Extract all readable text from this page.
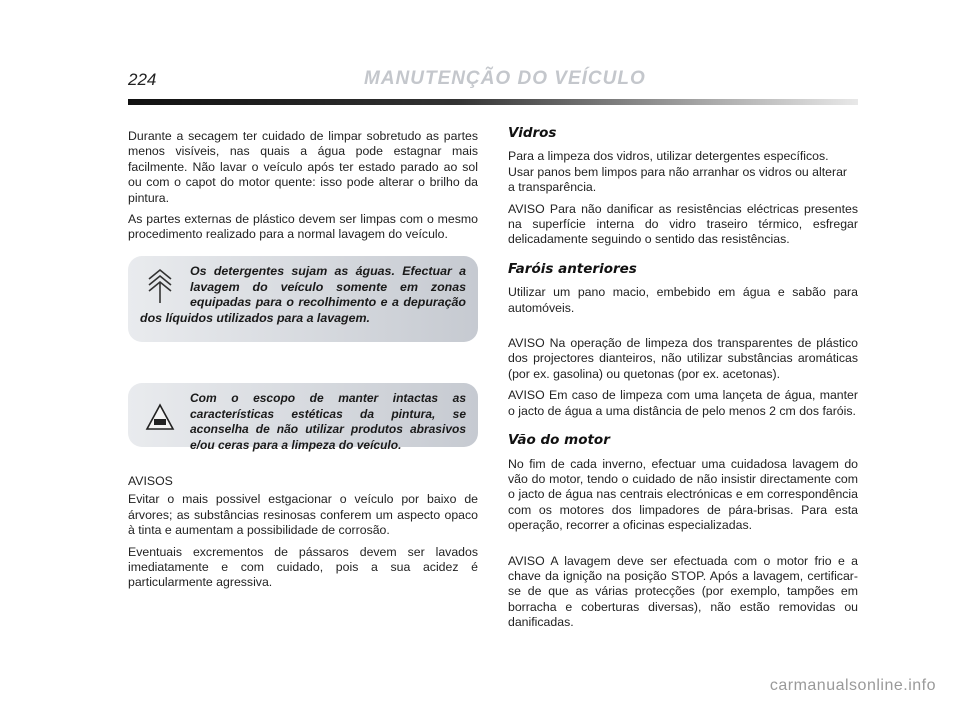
224	MANUTENÇÃO DO VEÍCULO

Durante a secagem ter cuidado de limpar sobretudo as partes menos visíveis, nas quais a água pode estagnar mais facilmente. Não lavar o veículo após ter estado parado ao sol ou com o capot do motor quente: isso pode alterar o brilho da pintura.

As partes externas de plástico devem ser limpas com o mesmo procedimento realizado para a normal lavagem do veículo.

Os detergentes sujam as águas. Efectuar a lavagem do veículo somente em zonas equipadas para o recolhimento e a depuração dos líquidos utilizados para a lavagem.
Com o escopo de manter intactas as características estéticas da pintura, se aconselha de não utilizar produtos abrasivos e/ou ceras para a limpeza do veículo.

AVISOS

Evitar o mais possivel estgacionar o veículo por baixo de árvores; as substâncias resinosas conferem um aspecto opaco à tinta e aumentam a possibilidade de corrosão.

Eventuais excrementos de pássaros devem ser lavados imediatamente e com cuidado, pois a sua acidez é particularmente agressiva.

Vidros

Para a limpeza dos vidros, utilizar detergentes específicos.
Usar panos bem limpos para não arranhar os vidros ou alterar
a transparência.

AVISO Para não danificar as resistências eléctricas presentes na superfície interna do vidro traseiro térmico, esfregar delicadamente seguindo o sentido das resistências.

Faróis anteriores

Utilizar um pano macio, embebido em água e sabão para automóveis.

AVISO Na operação de limpeza dos transparentes de plástico dos projectores dianteiros, não utilizar substâncias aromáticas (por ex. gasolina) ou quetonas (por ex. acetonas).

AVISO Em caso de limpeza com uma lançeta de água, manter o jacto de água a uma distância de pelo menos 2 cm dos faróis.

Vão do motor

No fim de cada inverno, efectuar uma cuidadosa lavagem do vão do motor, tendo o cuidado de não insistir directamente com o jacto de água nas centrais electrónicas e em correspondência com os motores dos limpadores de pára-brisas. Para esta operação, recorrer a oficinas especializadas.

AVISO A lavagem deve ser efectuada com o motor frio e a chave da ignição na posição STOP. Após a lavagem, certificar-se de que as várias protecções (por exemplo, tampões em borracha e coberturas diversas), não estão removidas ou danificadas.

carmanualsonline.info
